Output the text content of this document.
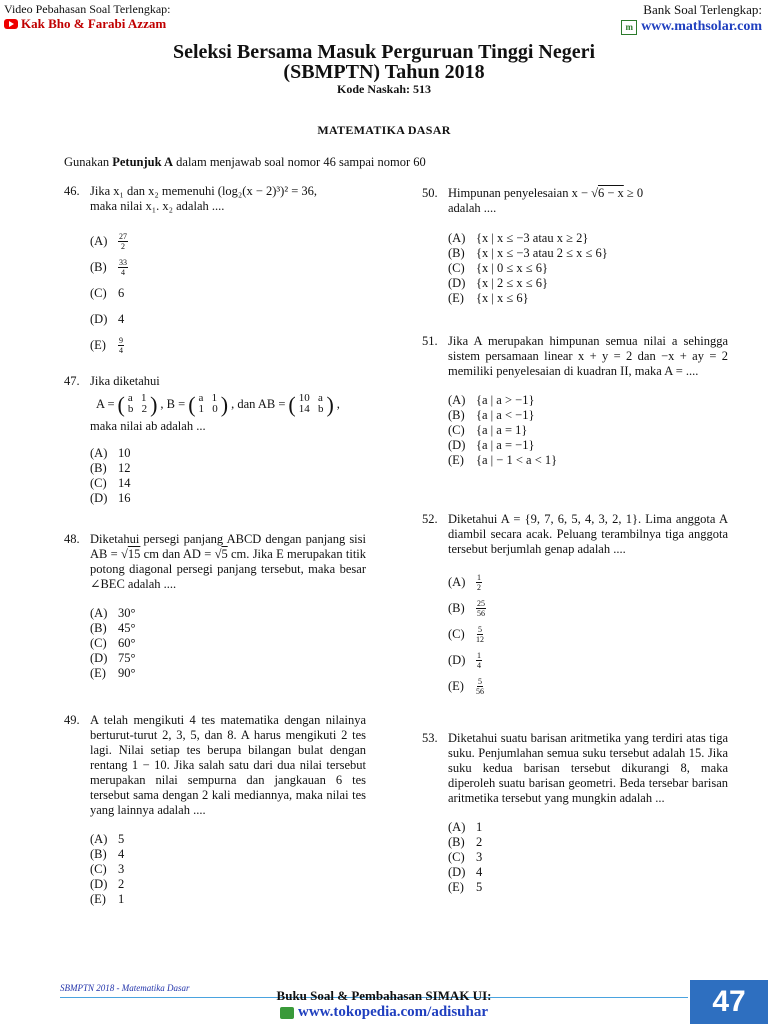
Video Pebahasan Soal Terlengkap:
Kak Bho & Farabi Azzam
Bank Soal Terlengkap:
m www.mathsolar.com
Seleksi Bersama Masuk Perguruan Tinggi Negeri
(SBMPTN) Tahun 2018
Kode Naskah: 513
MATEMATIKA DASAR
Gunakan Petunjuk A dalam menjawab soal nomor 46 sampai nomor 60
46. Jika x₁ dan x₂ memenuhi (log₂(x − 2)³)² = 36,
maka nilai x₁. x₂ adalah ....
(A)	$\frac{27}{2}$
(B)	$\frac{33}{4}$
(C) 6
(D) 4
(E)	$\frac{9}{4}$
47. Jika diketahui
A = ( a   1
b   2 ) , B = ( a   1
1   0 ) , dan AB = ( 10   a
14   b ) ,
maka nilai ab adalah ...
(A) 10
(B) 12
(C) 14
(D) 16
48. Diketahui persegi panjang ABCD dengan panjang sisi AB = √15 cm dan AD = √5 cm. Jika E merupakan titik potong diagonal persegi panjang tersebut, maka besar ∠BEC adalah ....
(A) 30°
(B) 45°
(C) 60°
(D) 75°
(E) 90°
49. A telah mengikuti 4 tes matematika dengan nilainya berturut-turut 2, 3, 5, dan 8. A harus mengikuti 2 tes lagi. Nilai setiap tes berupa bilangan bulat dengan rentang 1 − 10. Jika salah satu dari dua nilai tersebut merupakan nilai sempurna dan jangkauan 6 tes tersebut sama dengan 2 kali mediannya, maka nilai tes yang lainnya adalah ....
(A) 5
(B) 4
(C) 3
(D) 2
(E) 1
50. Himpunan penyelesaian x − √6 − x ≥ 0
adalah ....
(A) {x | x ≤ −3 atau x ≥ 2}
(B) {x | x ≤ −3 atau 2 ≤ x ≤ 6}
(C) {x | 0 ≤ x ≤ 6}
(D) {x | 2 ≤ x ≤ 6}
(E) {x | x ≤ 6}
51. Jika A merupakan himpunan semua nilai a sehingga sistem persamaan linear x + y = 2 dan −x + ay = 2 memiliki penyelesaian di kuadran II, maka A = ....
(A) {a | a > −1}
(B) {a | a < −1}
(C) {a | a = 1}
(D) {a | a = −1}
(E) {a | − 1 < a < 1}
52. Diketahui A = {9, 7, 6, 5, 4, 3, 2, 1}. Lima anggota A diambil secara acak. Peluang terambilnya tiga anggota tersebut berjumlah genap adalah ....
(A)	$\frac{1}{2}$
(B)	$\frac{25}{56}$
(C)	$\frac{5}{12}$
(D)	$\frac{1}{4}$
(E)	$\frac{5}{56}$
53. Diketahui suatu barisan aritmetika yang terdiri atas tiga suku. Penjumlahan semua suku tersebut adalah 15. Jika suku kedua barisan tersebut dikurangi 8, maka diperoleh suatu barisan geometri. Beda tersebar barisan aritmetika tersebut yang mungkin adalah ...
(A) 1
(B) 2
(C) 3
(D) 4
(E) 5
SBMPTN 2018 - Matematika Dasar	Buku Soal & Pembahasan SIMAK UI:
www.tokopedia.com/adisuhar	47
